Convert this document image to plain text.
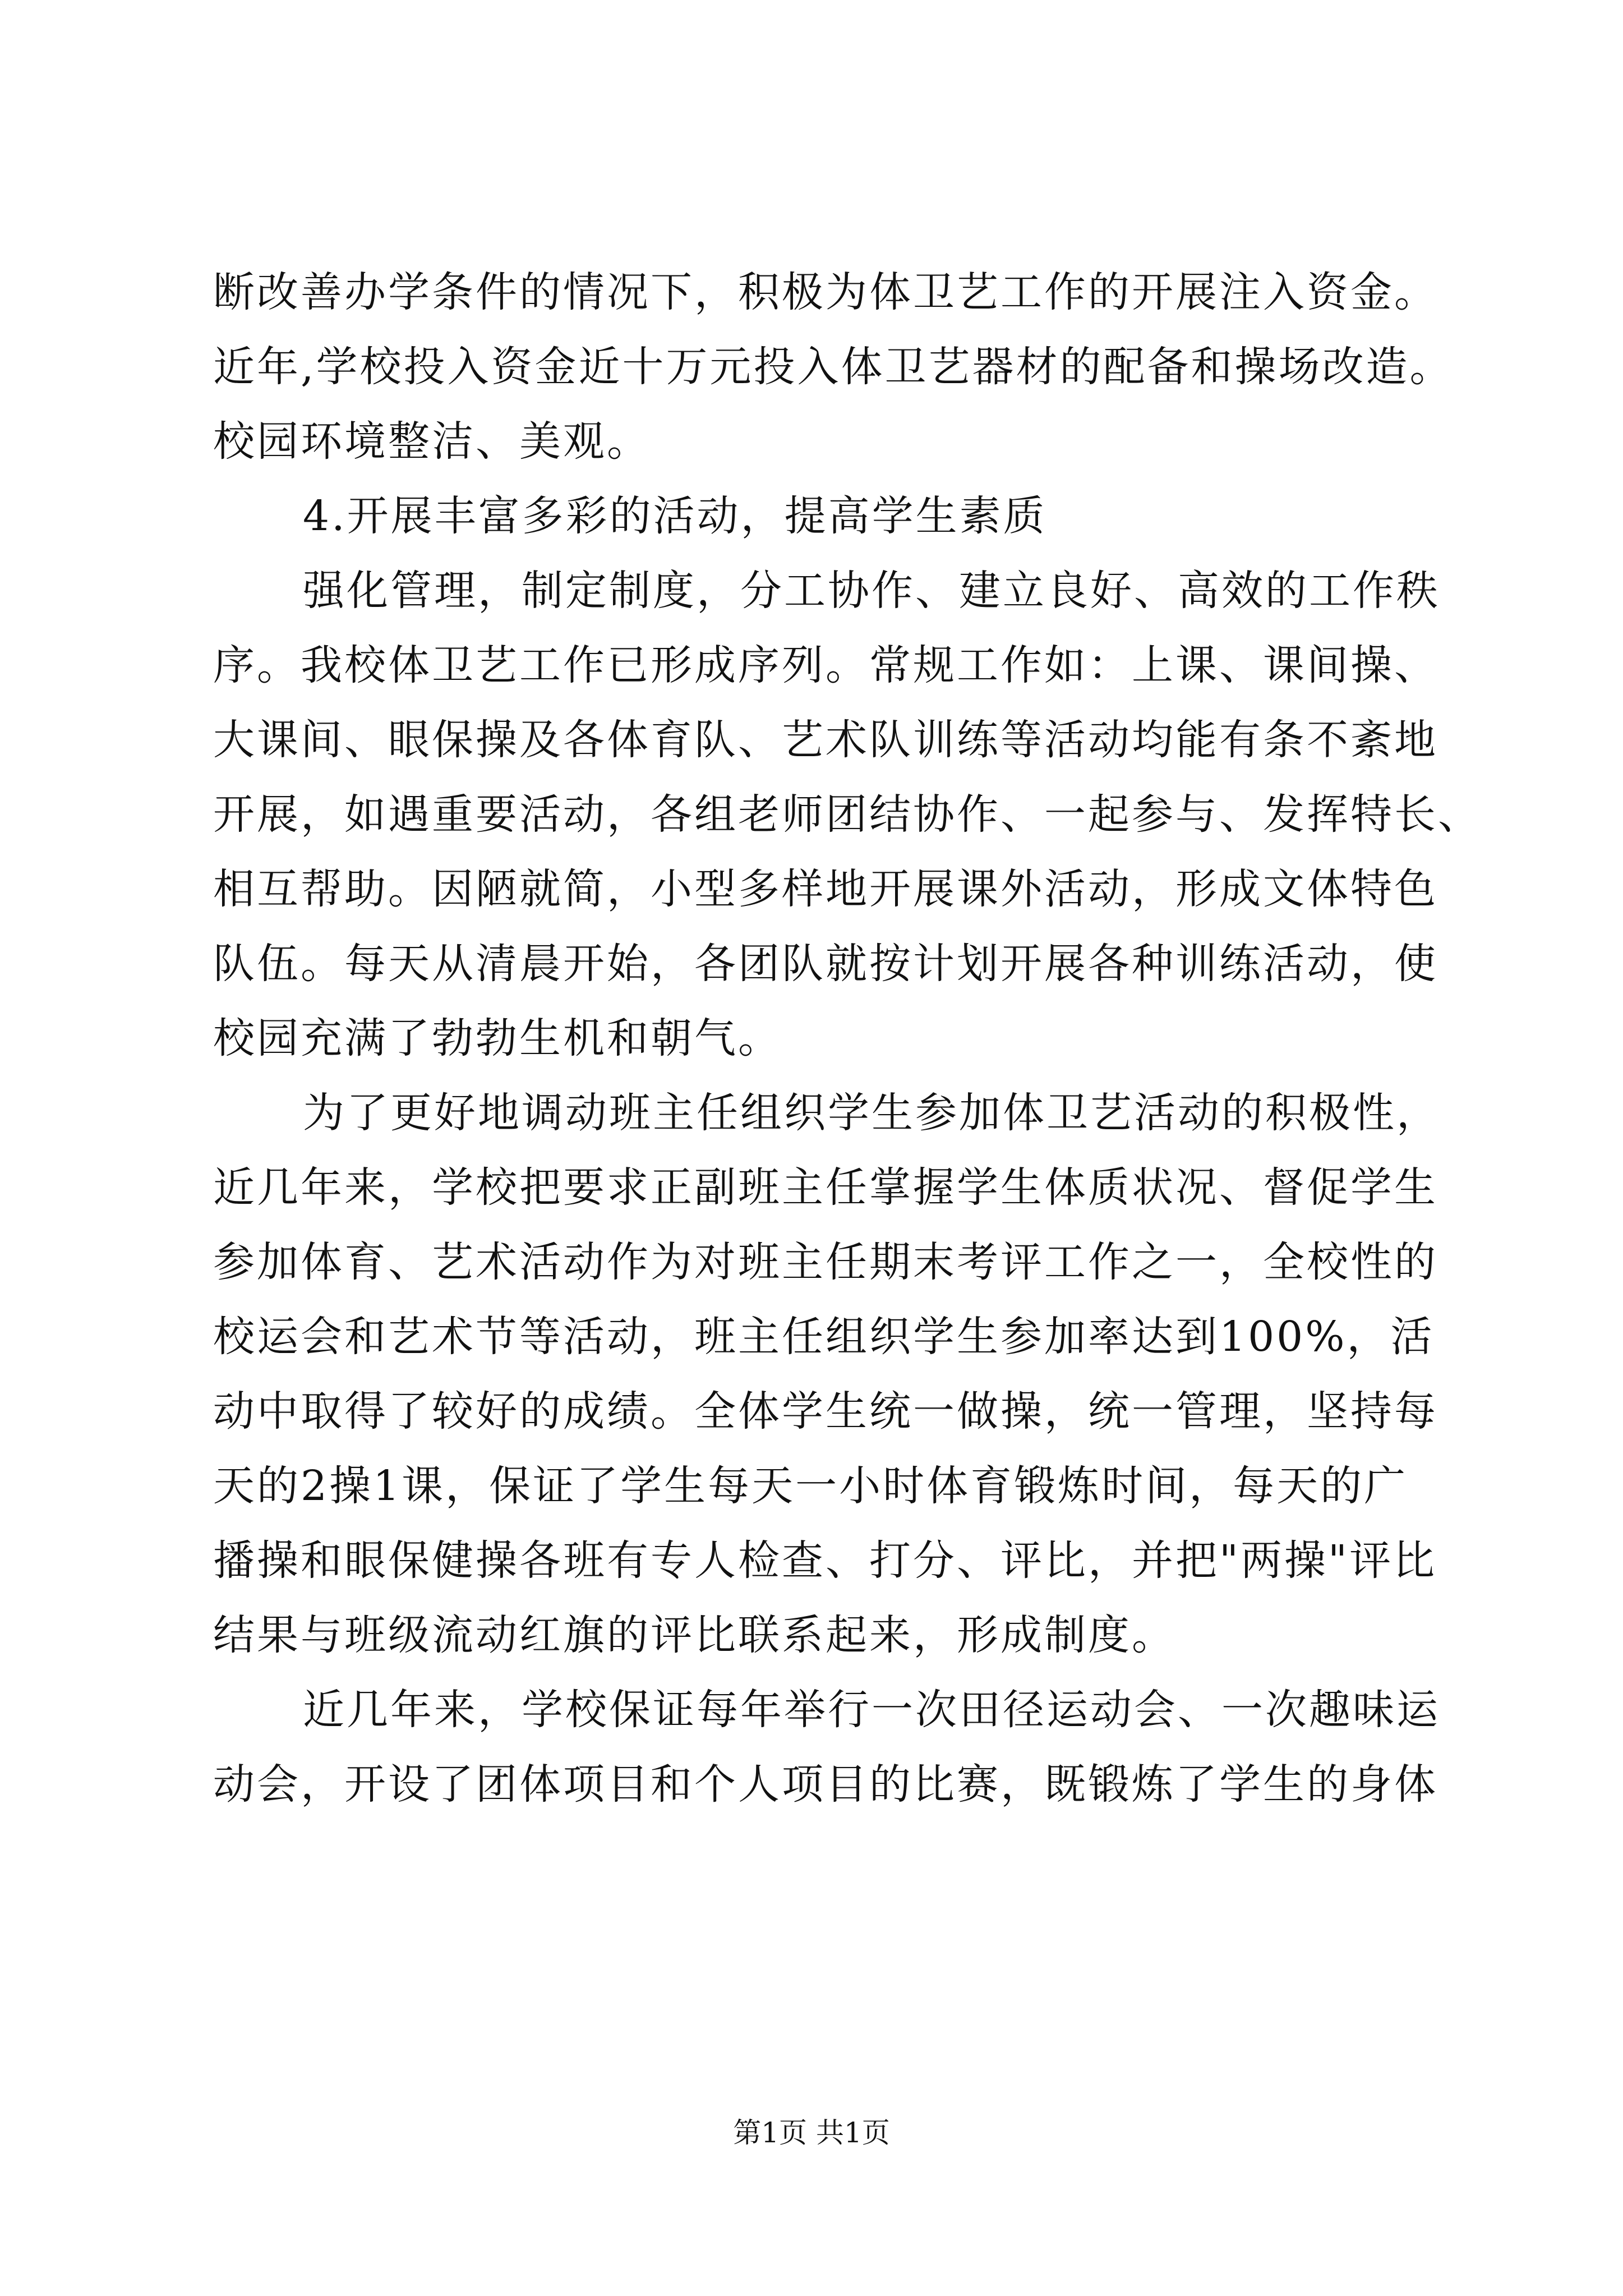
断改善办学条件的情况下，积极为体卫艺工作的开展注入资金。
近年,学校投入资金近十万元投入体卫艺器材的配备和操场改造。
校园环境整洁、美观。
4.开展丰富多彩的活动，提高学生素质
强化管理，制定制度，分工协作、建立良好、高效的工作秩
序。我校体卫艺工作已形成序列。常规工作如：上课、课间操、
大课间、眼保操及各体育队、艺术队训练等活动均能有条不紊地
开展，如遇重要活动，各组老师团结协作、一起参与、发挥特长、
相互帮助。因陋就简，小型多样地开展课外活动，形成文体特色
队伍。每天从清晨开始，各团队就按计划开展各种训练活动，使
校园充满了勃勃生机和朝气。
为了更好地调动班主任组织学生参加体卫艺活动的积极性，
近几年来，学校把要求正副班主任掌握学生体质状况、督促学生
参加体育、艺术活动作为对班主任期末考评工作之一，全校性的
校运会和艺术节等活动，班主任组织学生参加率达到100%，活
动中取得了较好的成绩。全体学生统一做操，统一管理，坚持每
天的2操1课，保证了学生每天一小时体育锻炼时间，每天的广
播操和眼保健操各班有专人检查、打分、评比，并把"两操"评比
结果与班级流动红旗的评比联系起来，形成制度。
近几年来，学校保证每年举行一次田径运动会、一次趣味运
动会，开设了团体项目和个人项目的比赛，既锻炼了学生的身体
第1页 共1页
